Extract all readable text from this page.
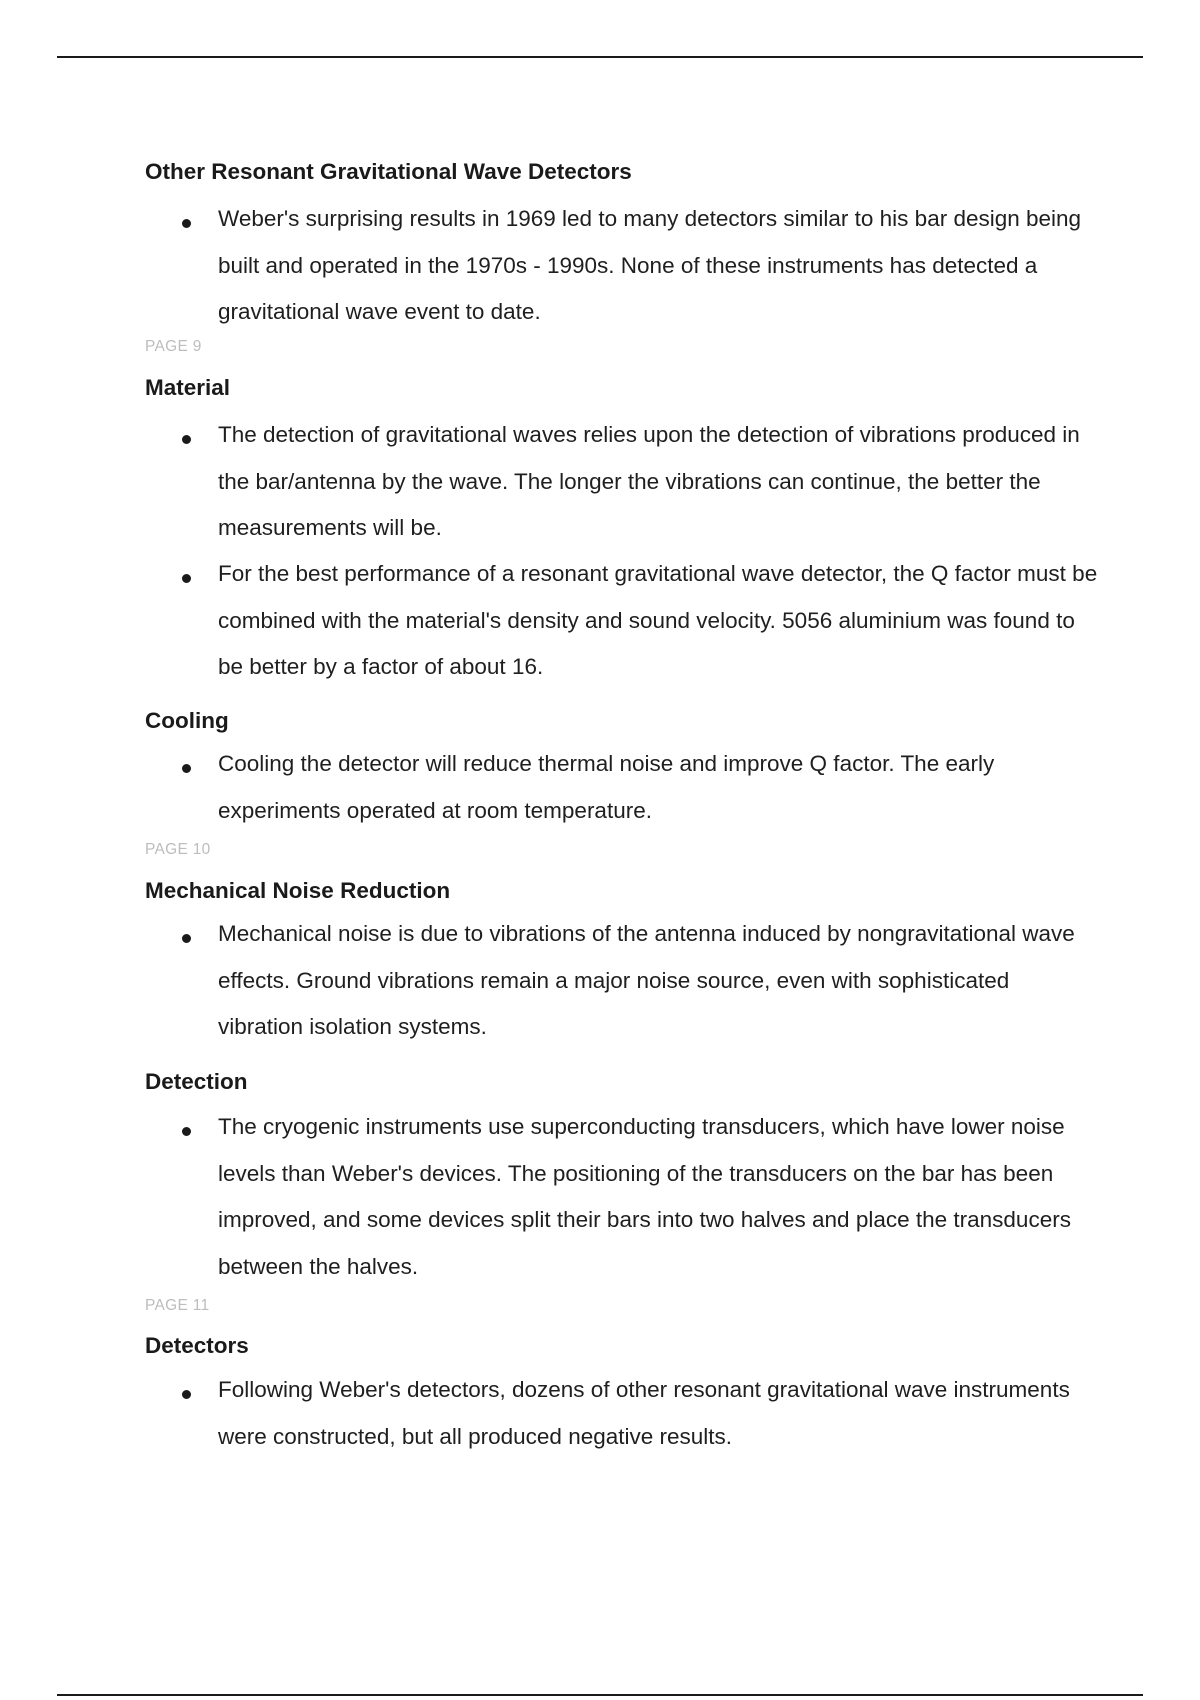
Other Resonant Gravitational Wave Detectors
Weber's surprising results in 1969 led to many detectors similar to his bar design being built and operated in the 1970s - 1990s. None of these instruments has detected a gravitational wave event to date.
PAGE 9
Material
The detection of gravitational waves relies upon the detection of vibrations produced in the bar/antenna by the wave. The longer the vibrations can continue, the better the measurements will be.
For the best performance of a resonant gravitational wave detector, the Q factor must be combined with the material's density and sound velocity. 5056 aluminium was found to be better by a factor of about 16.
Cooling
Cooling the detector will reduce thermal noise and improve Q factor. The early experiments operated at room temperature.
PAGE 10
Mechanical Noise Reduction
Mechanical noise is due to vibrations of the antenna induced by nongravitational wave effects. Ground vibrations remain a major noise source, even with sophisticated vibration isolation systems.
Detection
The cryogenic instruments use superconducting transducers, which have lower noise levels than Weber's devices. The positioning of the transducers on the bar has been improved, and some devices split their bars into two halves and place the transducers between the halves.
PAGE 11
Detectors
Following Weber's detectors, dozens of other resonant gravitational wave instruments were constructed, but all produced negative results.
